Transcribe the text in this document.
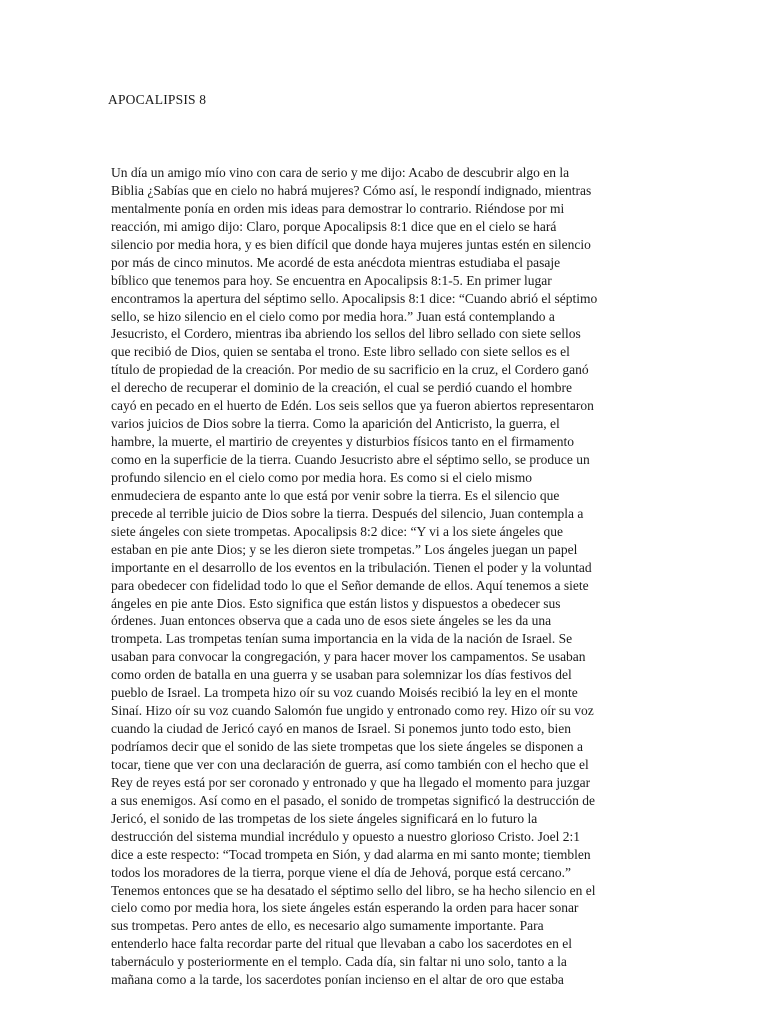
APOCALIPSIS 8
Un día un amigo mío vino con cara de serio y me dijo: Acabo de descubrir algo en la
Biblia ¿Sabías que en cielo no habrá mujeres? Cómo así, le respondí indignado, mientras
mentalmente ponía en orden mis ideas para demostrar lo contrario. Riéndose por mi
reacción, mi amigo dijo: Claro, porque Apocalipsis 8:1 dice que en el cielo se hará
silencio por media hora, y es bien difícil que donde haya mujeres juntas estén en silencio
por más de cinco minutos. Me acordé de esta anécdota mientras estudiaba el pasaje
bíblico que tenemos para hoy. Se encuentra en Apocalipsis 8:1-5. En primer lugar
encontramos la apertura del séptimo sello. Apocalipsis 8:1 dice: “Cuando abrió el séptimo
sello, se hizo silencio en el cielo como por media hora.” Juan está contemplando a
Jesucristo, el Cordero, mientras iba abriendo los sellos del libro sellado con siete sellos
que recibió de Dios, quien se sentaba el trono. Este libro sellado con siete sellos es el
título de propiedad de la creación. Por medio de su sacrificio en la cruz, el Cordero ganó
el derecho de recuperar el dominio de la creación, el cual se perdió cuando el hombre
cayó en pecado en el huerto de Edén. Los seis sellos que ya fueron abiertos representaron
varios juicios de Dios sobre la tierra. Como la aparición del Anticristo, la guerra, el
hambre, la muerte, el martirio de creyentes y disturbios físicos tanto en el firmamento
como en la superficie de la tierra. Cuando Jesucristo abre el séptimo sello, se produce un
profundo silencio en el cielo como por media hora. Es como si el cielo mismo
enmudeciera de espanto ante lo que está por venir sobre la tierra. Es el silencio que
precede al terrible juicio de Dios sobre la tierra. Después del silencio, Juan contempla a
siete ángeles con siete trompetas. Apocalipsis 8:2 dice: “Y vi a los siete ángeles que
estaban en pie ante Dios; y se les dieron siete trompetas.” Los ángeles juegan un papel
importante en el desarrollo de los eventos en la tribulación. Tienen el poder y la voluntad
para obedecer con fidelidad todo lo que el Señor demande de ellos. Aquí tenemos a siete
ángeles en pie ante Dios. Esto significa que están listos y dispuestos a obedecer sus
órdenes. Juan entonces observa que a cada uno de esos siete ángeles se les da una
trompeta. Las trompetas tenían suma importancia en la vida de la nación de Israel. Se
usaban para convocar la congregación, y para hacer mover los campamentos. Se usaban
como orden de batalla en una guerra y se usaban para solemnizar los días festivos del
pueblo de Israel. La trompeta hizo oír su voz cuando Moisés recibió la ley en el monte
Sinaí. Hizo oír su voz cuando Salomón fue ungido y entronado como rey. Hizo oír su voz
cuando la ciudad de Jericó cayó en manos de Israel. Si ponemos junto todo esto, bien
podríamos decir que el sonido de las siete trompetas que los siete ángeles se disponen a
tocar, tiene que ver con una declaración de guerra, así como también con el hecho que el
Rey de reyes está por ser coronado y entronado y que ha llegado el momento para juzgar
a sus enemigos. Así como en el pasado, el sonido de trompetas significó la destrucción de
Jericó, el sonido de las trompetas de los siete ángeles significará en lo futuro la
destrucción del sistema mundial incrédulo y opuesto a nuestro glorioso Cristo. Joel 2:1
dice a este respecto: “Tocad trompeta en Sión, y dad alarma en mi santo monte; tiemblen
todos los moradores de la tierra, porque viene el día de Jehová, porque está cercano.”
Tenemos entonces que se ha desatado el séptimo sello del libro, se ha hecho silencio en el
cielo como por media hora, los siete ángeles están esperando la orden para hacer sonar
sus trompetas. Pero antes de ello, es necesario algo sumamente importante. Para
entenderlo hace falta recordar parte del ritual que llevaban a cabo los sacerdotes en el
tabernáculo y posteriormente en el templo. Cada día, sin faltar ni uno solo, tanto a la
mañana como a la tarde, los sacerdotes ponían incienso en el altar de oro que estaba
